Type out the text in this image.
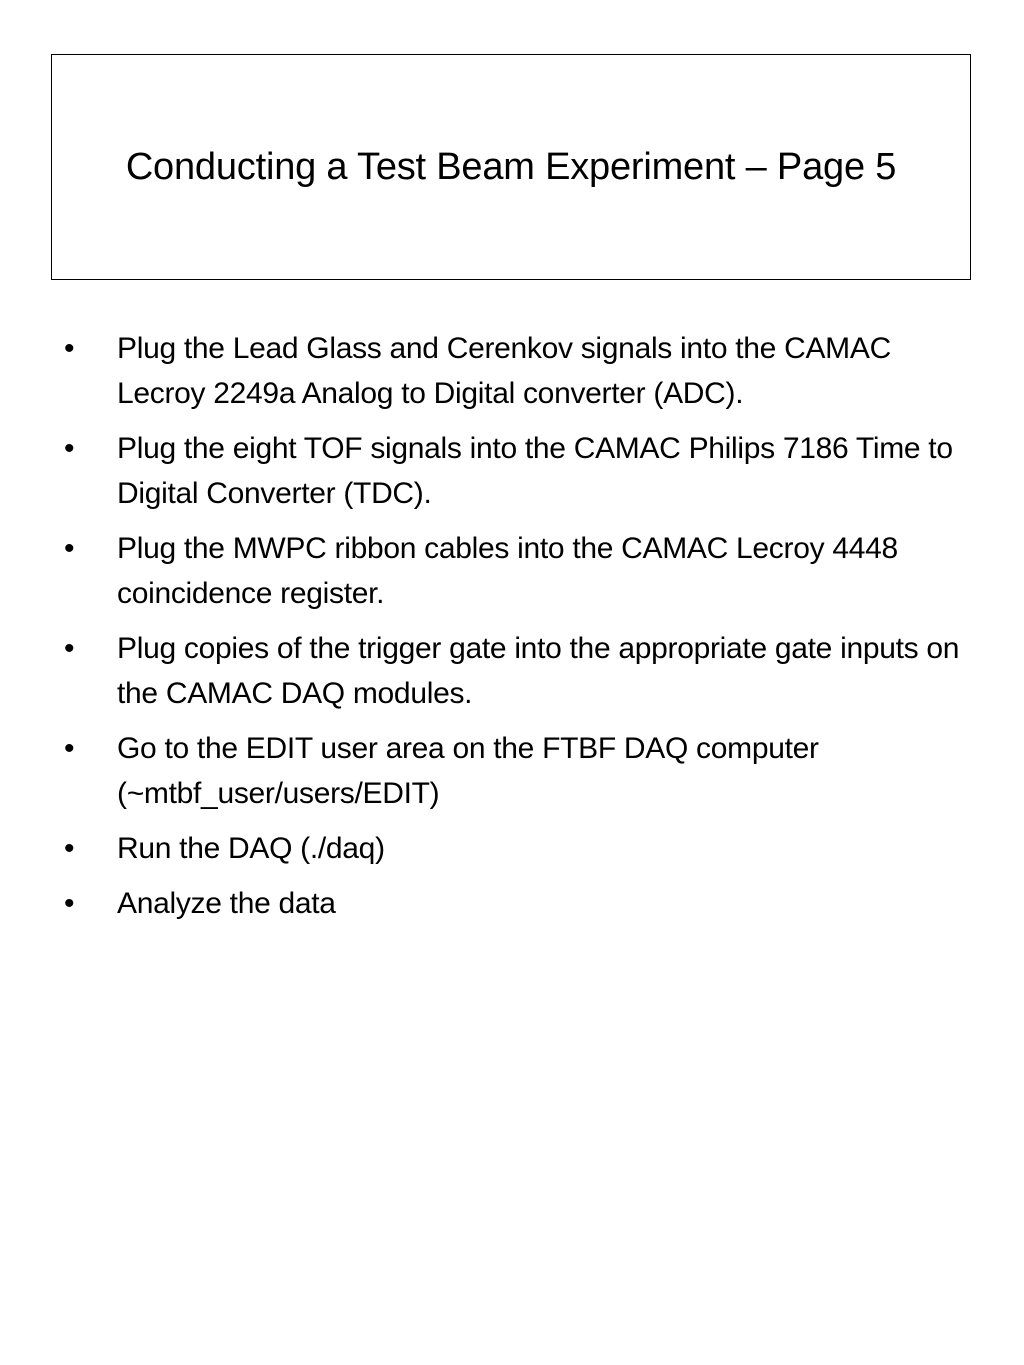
Conducting a Test Beam Experiment – Page 5
•	Plug the Lead Glass and Cerenkov signals into the CAMAC Lecroy 2249a Analog to Digital converter (ADC).
•	Plug the eight TOF signals into the CAMAC Philips 7186 Time to Digital Converter (TDC).
•	Plug the MWPC ribbon cables into the CAMAC Lecroy 4448 coincidence register.
•	Plug copies of the trigger gate into the appropriate gate inputs on the CAMAC DAQ modules.
•	Go to the EDIT user area on the FTBF DAQ computer (~mtbf_user/users/EDIT)
•	Run the DAQ (./daq)
•	Analyze the data
